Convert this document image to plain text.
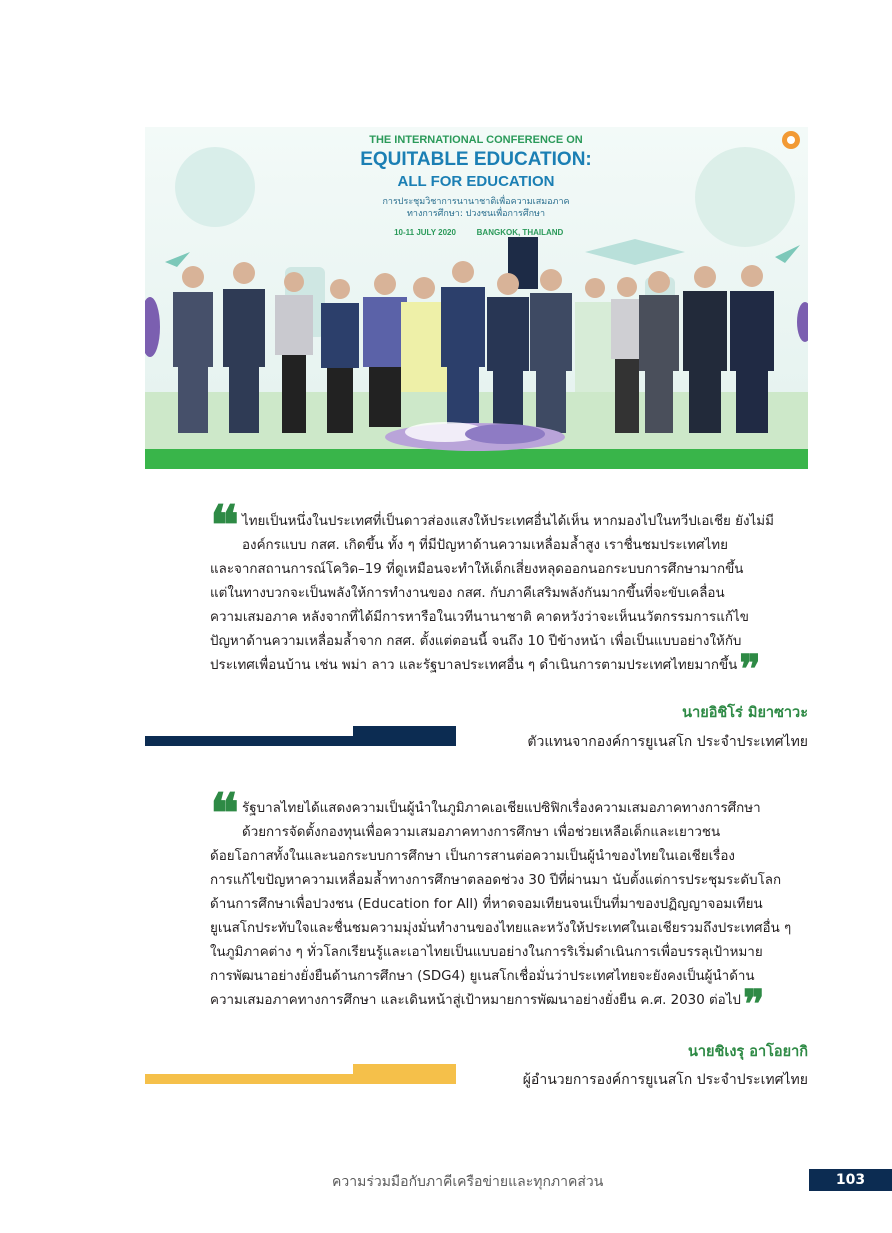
THE INTERNATIONAL CONFERENCE ON
EQUITABLE EDUCATION:
ALL FOR EDUCATION
การประชุมวิชาการนานาชาติเพื่อความเสมอภาค
ทางการศึกษา: ปวงชนเพื่อการศึกษา
10-11 JULY 2020	BANGKOK, THAILAND
❝ ไทยเป็นหนึ่งในประเทศที่เป็นดาวส่องแสงให้ประเทศอื่นได้เห็น หากมองไปในทวีปเอเชีย ยังไม่มี
องค์กรแบบ กสศ. เกิดขึ้น ทั้ง ๆ ที่มีปัญหาด้านความเหลื่อมล้ำสูง เราชื่นชมประเทศไทย
และจากสถานการณ์โควิด–19 ที่ดูเหมือนจะทำให้เด็กเสี่ยงหลุดออกนอกระบบการศึกษามากขึ้น
แต่ในทางบวกจะเป็นพลังให้การทำงานของ กสศ. กับภาคีเสริมพลังกันมากขึ้นที่จะขับเคลื่อน
ความเสมอภาค หลังจากที่ได้มีการหารือในเวทีนานาชาติ คาดหวังว่าจะเห็นนวัตกรรมการแก้ไข
ปัญหาด้านความเหลื่อมล้ำจาก กสศ. ตั้งแต่ตอนนี้ จนถึง 10 ปีข้างหน้า เพื่อเป็นแบบอย่างให้กับ
ประเทศเพื่อนบ้าน เช่น พม่า ลาว และรัฐบาลประเทศอื่น ๆ ดำเนินการตามประเทศไทยมากขึ้น❞
นายอิชิโร่ มิยาซาวะ
ตัวแทนจากองค์การยูเนสโก ประจำประเทศไทย
❝ รัฐบาลไทยได้แสดงความเป็นผู้นำในภูมิภาคเอเชียแปซิฟิกเรื่องความเสมอภาคทางการศึกษา
ด้วยการจัดตั้งกองทุนเพื่อความเสมอภาคทางการศึกษา เพื่อช่วยเหลือเด็กและเยาวชน
ด้อยโอกาสทั้งในและนอกระบบการศึกษา เป็นการสานต่อความเป็นผู้นำของไทยในเอเชียเรื่อง
การแก้ไขปัญหาความเหลื่อมล้ำทางการศึกษาตลอดช่วง 30 ปีที่ผ่านมา นับตั้งแต่การประชุมระดับโลก
ด้านการศึกษาเพื่อปวงชน (Education for All) ที่หาดจอมเทียนจนเป็นที่มาของปฏิญญาจอมเทียน
ยูเนสโกประทับใจและชื่นชมความมุ่งมั่นทำงานของไทยและหวังให้ประเทศในเอเชียรวมถึงประเทศอื่น ๆ
ในภูมิภาคต่าง ๆ ทั่วโลกเรียนรู้และเอาไทยเป็นแบบอย่างในการริเริ่มดำเนินการเพื่อบรรลุเป้าหมาย
การพัฒนาอย่างยั่งยืนด้านการศึกษา (SDG4) ยูเนสโกเชื่อมั่นว่าประเทศไทยจะยังคงเป็นผู้นำด้าน
ความเสมอภาคทางการศึกษา และเดินหน้าสู่เป้าหมายการพัฒนาอย่างยั่งยืน ค.ศ. 2030 ต่อไป❞
นายชิเงรุ อาโอยากิ
ผู้อำนวยการองค์การยูเนสโก ประจำประเทศไทย
ความร่วมมือกับภาคีเครือข่ายและทุกภาคส่วน	103
